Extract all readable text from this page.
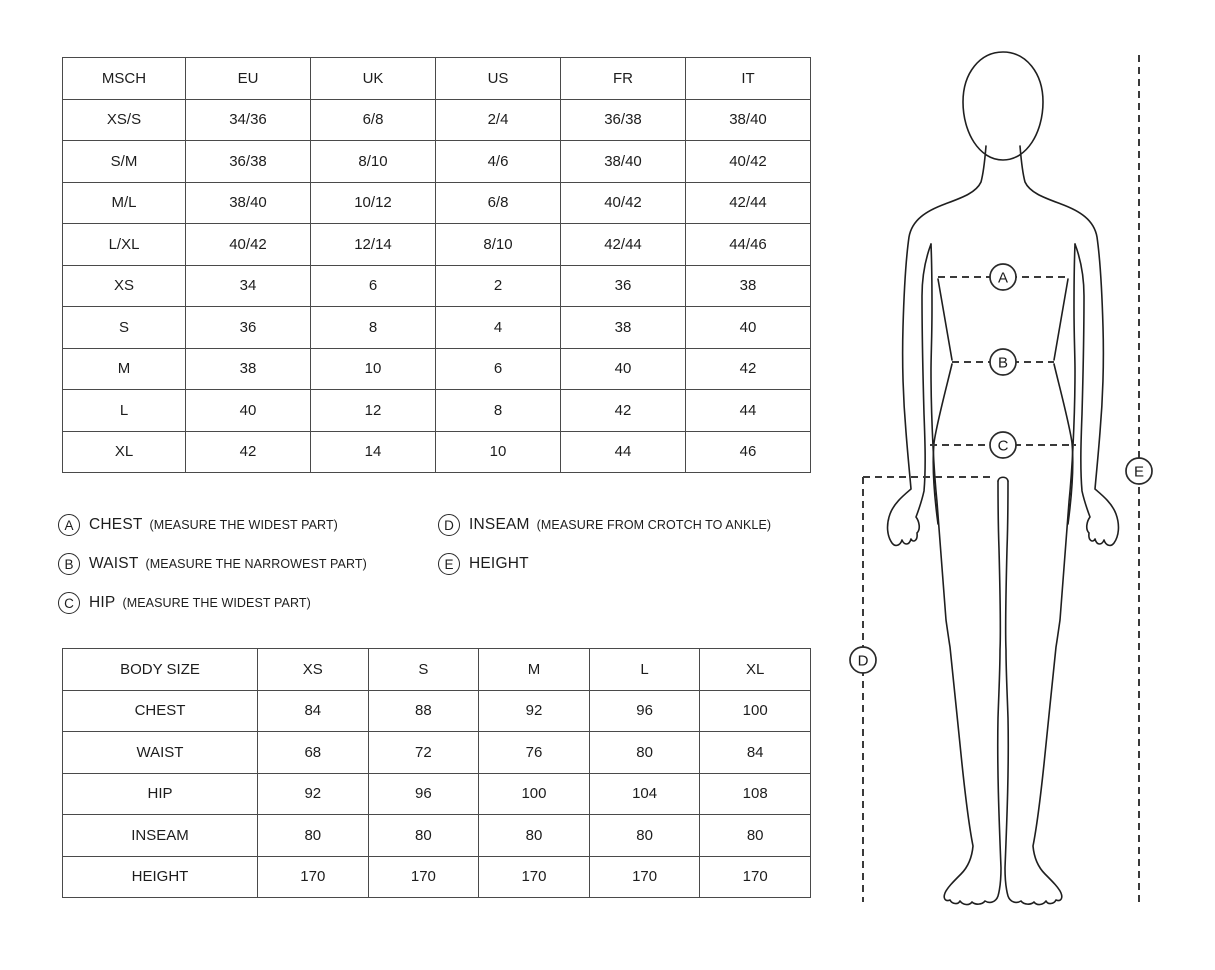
MSCH	EU	UK	US	FR	IT
XS/S	34/36	6/8	2/4	36/38	38/40
S/M	36/38	8/10	4/6	38/40	40/42
M/L	38/40	10/12	6/8	40/42	42/44
L/XL	40/42	12/14	8/10	42/44	44/46
XS	34	6	2	36	38
S	36	8	4	38	40
M	38	10	6	40	42
L	40	12	8	42	44
XL	42	14	10	44	46
A	CHEST (MEASURE THE WIDEST PART)
B	WAIST (MEASURE THE NARROWEST PART)
C HIP (MEASURE THE WIDEST PART)
D INSEAM (MEASURE FROM CROTCH TO ANKLE)
E	HEIGHT
BODY SIZE	XS	S	M	L	XL
CHEST	84	88	92	96	100
WAIST	68	72	76	80	84
HIP	92	96	100	104	108
INSEAM	80	80	80	80	80
HEIGHT	170	170	170	170	170
A
B
C
D
E
